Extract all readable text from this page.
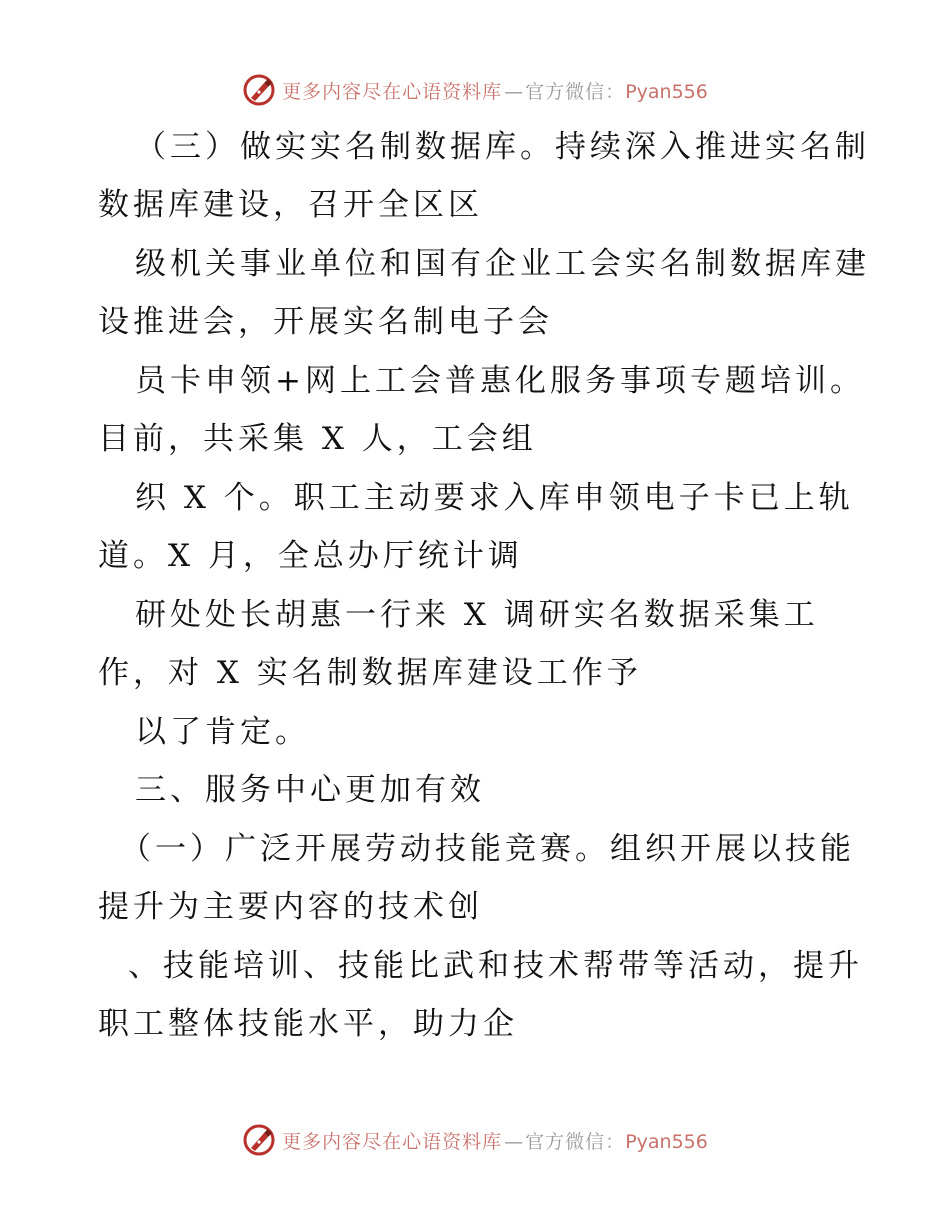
更多内容尽在心语资料库 — 官方微信：Pyan556
（三）做实实名制数据库。持续深入推进实名制
数据库建设，召开全区区
级机关事业单位和国有企业工会实名制数据库建
设推进会，开展实名制电子会
员卡申领+网上工会普惠化服务事项专题培训。
目前，共采集 X 人，工会组
织 X 个。职工主动要求入库申领电子卡已上轨
道。X 月，全总办厅统计调
研处处长胡惠一行来 X 调研实名数据采集工
作，对 X 实名制数据库建设工作予
以了肯定。
三、服务中心更加有效
（一）广泛开展劳动技能竞赛。组织开展以技能
提升为主要内容的技术创
、技能培训、技能比武和技术帮带等活动，提升
职工整体技能水平，助力企
更多内容尽在心语资料库 — 官方微信：Pyan556
